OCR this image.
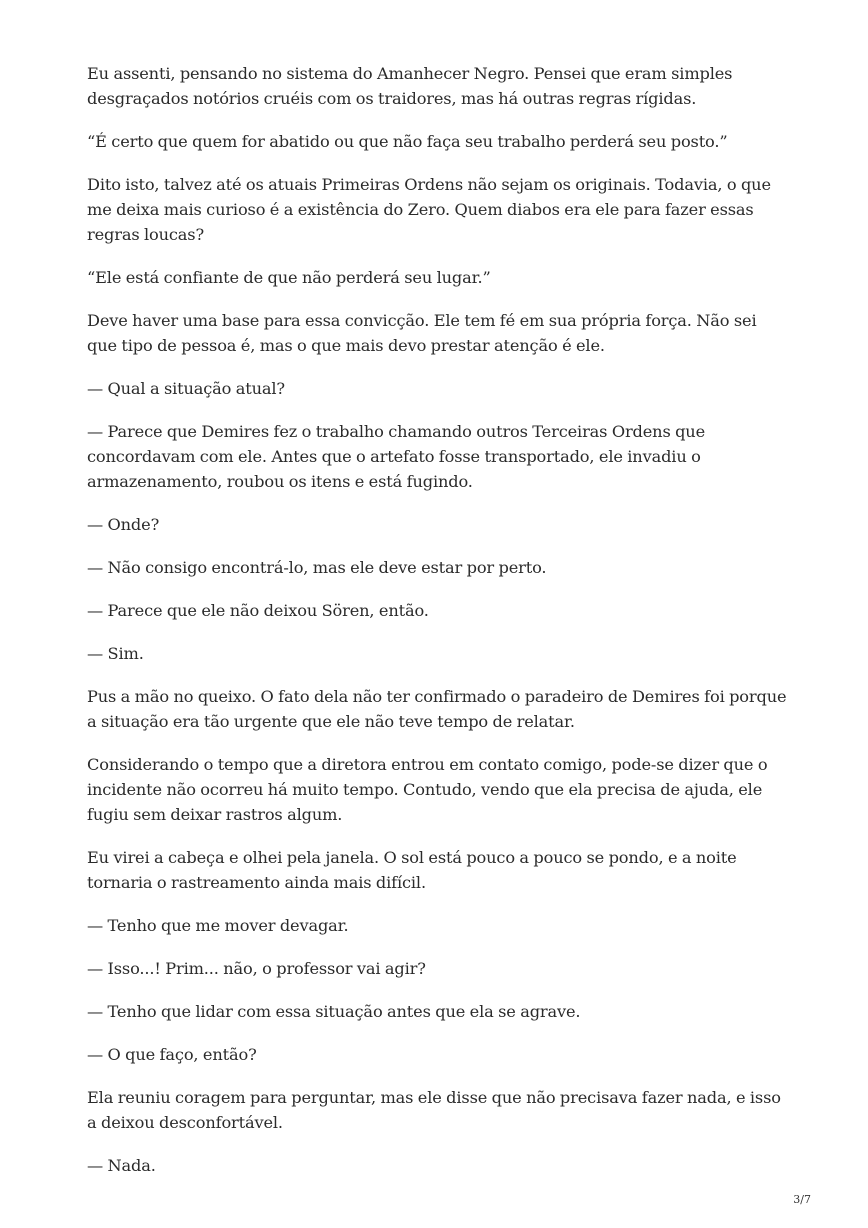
Eu assenti, pensando no sistema do Amanhecer Negro. Pensei que eram simples desgraçados notórios cruéis com os traidores, mas há outras regras rígidas.

“É certo que quem for abatido ou que não faça seu trabalho perderá seu posto.”

Dito isto, talvez até os atuais Primeiras Ordens não sejam os originais. Todavia, o que me deixa mais curioso é a existência do Zero. Quem diabos era ele para fazer essas regras loucas?

“Ele está confiante de que não perderá seu lugar.”

Deve haver uma base para essa convicção. Ele tem fé em sua própria força. Não sei que tipo de pessoa é, mas o que mais devo prestar atenção é ele.

— Qual a situação atual?

— Parece que Demires fez o trabalho chamando outros Terceiras Ordens que concordavam com ele. Antes que o artefato fosse transportado, ele invadiu o armazenamento, roubou os itens e está fugindo.

— Onde?

— Não consigo encontrá-lo, mas ele deve estar por perto.

— Parece que ele não deixou Sören, então.

— Sim.

Pus a mão no queixo. O fato dela não ter confirmado o paradeiro de Demires foi porque a situação era tão urgente que ele não teve tempo de relatar.

Considerando o tempo que a diretora entrou em contato comigo, pode-se dizer que o incidente não ocorreu há muito tempo. Contudo, vendo que ela precisa de ajuda, ele fugiu sem deixar rastros algum.

Eu virei a cabeça e olhei pela janela. O sol está pouco a pouco se pondo, e a noite tornaria o rastreamento ainda mais difícil.

— Tenho que me mover devagar.

— Isso...! Prim... não, o professor vai agir?

— Tenho que lidar com essa situação antes que ela se agrave.

— O que faço, então?

Ela reuniu coragem para perguntar, mas ele disse que não precisava fazer nada, e isso a deixou desconfortável.

— Nada.

3/7
